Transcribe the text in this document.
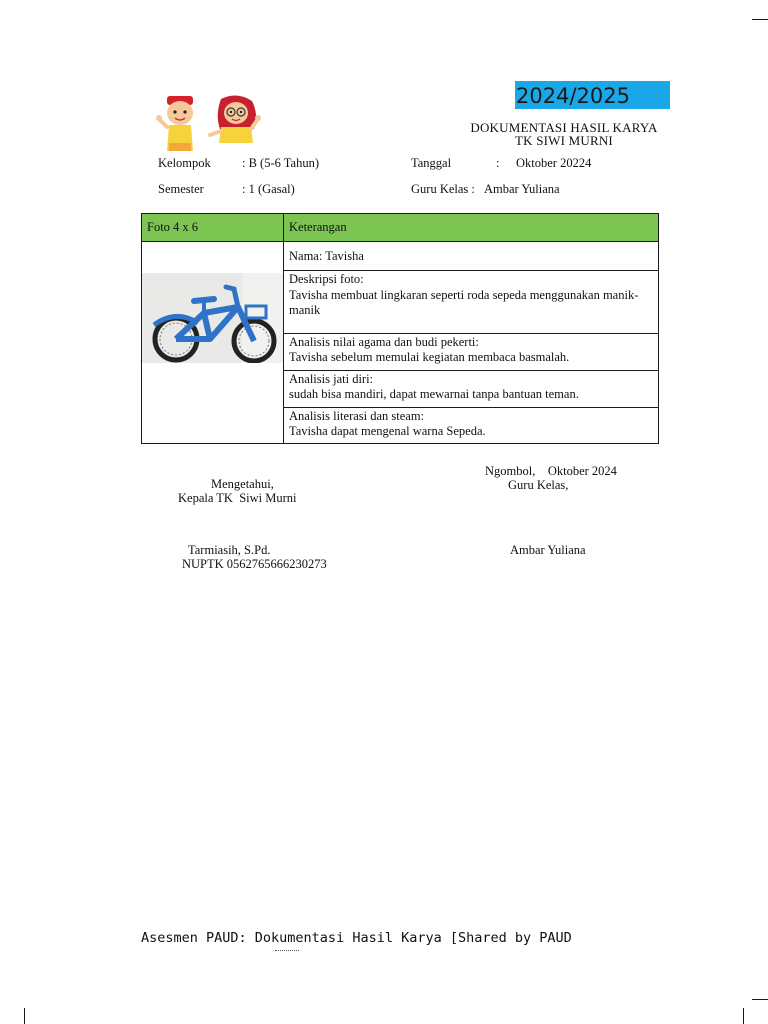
2024/2025
DOKUMENTASI HASIL KARYA
TK SIWI MURNI
Kelompok : B (5-6 Tahun)	Tanggal	: Oktober 20224
Semester	: 1 (Gasal)	Guru Kelas : Ambar Yuliana
Foto 4 x 6	Keterangan

	Nama: Tavisha

	Deskripsi foto:
Tavisha membuat lingkaran seperti roda sepeda menggunakan manik-manik

	Analisis nilai agama dan budi pekerti:
Tavisha sebelum memulai kegiatan membaca basmalah.

	Analisis jati diri:
sudah bisa mandiri, dapat mewarnai tanpa bantuan teman.

	Analisis literasi dan steam:
Tavisha dapat mengenal warna Sepeda.
Ngombol,    Oktober 2024
Guru Kelas,
Mengetahui,
Kepala TK  Siwi Murni
Tarmiasih, S.Pd.
NUPTK 0562765666230273
Ambar Yuliana
Asesmen PAUD: Dokumentasi Hasil Karya [Shared by PAUD
